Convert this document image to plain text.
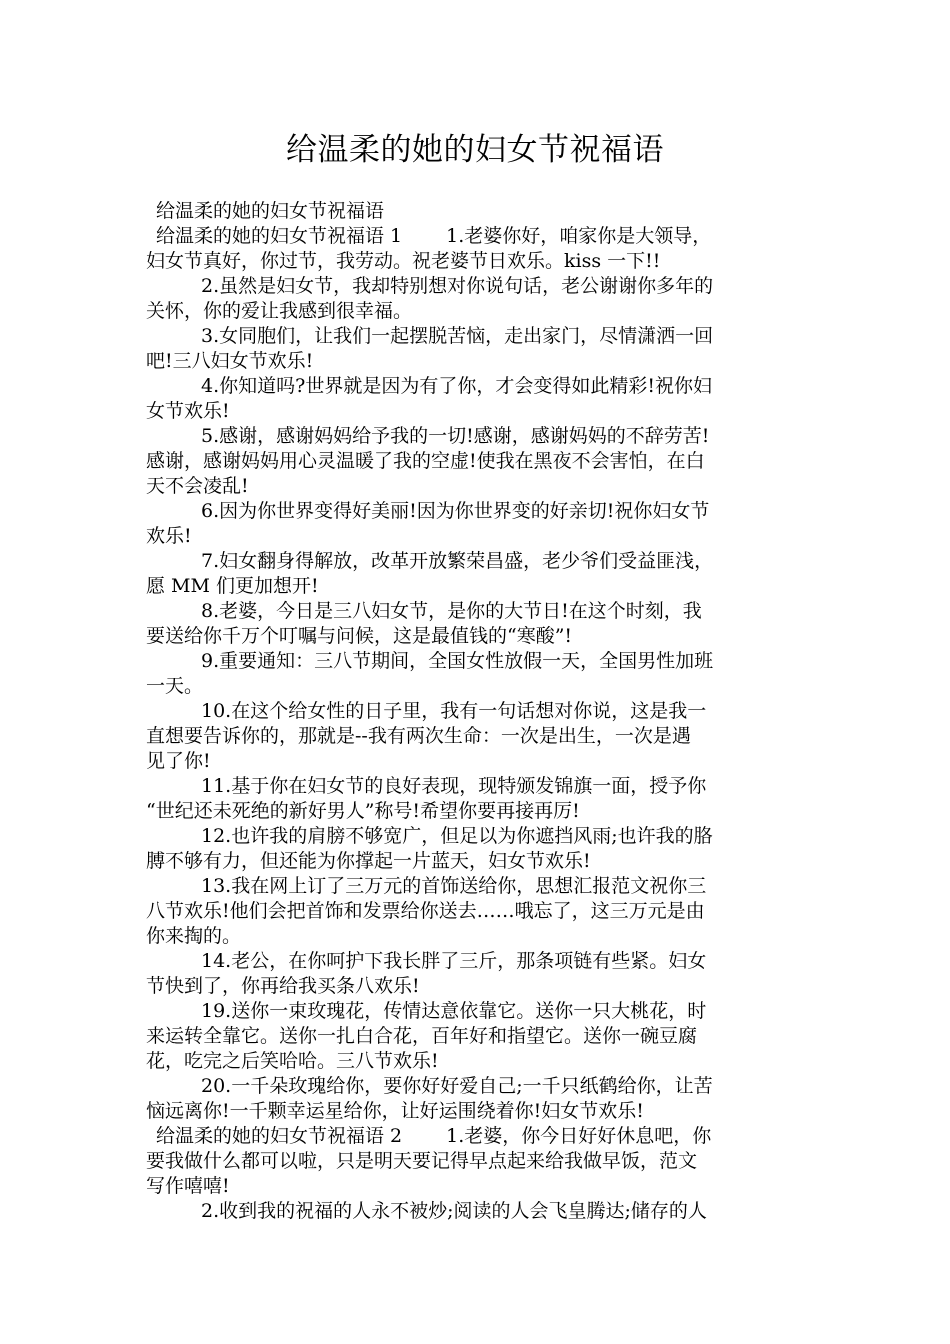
给温柔的她的妇女节祝福语
给温柔的她的妇女节祝福语
给温柔的她的妇女节祝福语 1　　 1.老婆你好，咱家你是大领导，
妇女节真好，你过节，我劳动。祝老婆节日欢乐。kiss 一下!!
2.虽然是妇女节，我却特别想对你说句话，老公谢谢你多年的
关怀，你的爱让我感到很幸福。
3.女同胞们，让我们一起摆脱苦恼，走出家门，尽情潇洒一回
吧!三八妇女节欢乐!
4.你知道吗?世界就是因为有了你，才会变得如此精彩!祝你妇
女节欢乐!
5.感谢，感谢妈妈给予我的一切!感谢，感谢妈妈的不辞劳苦!
感谢，感谢妈妈用心灵温暖了我的空虚!使我在黑夜不会害怕，在白
天不会凌乱!
6.因为你世界变得好美丽!因为你世界变的好亲切!祝你妇女节
欢乐!
7.妇女翻身得解放，改革开放繁荣昌盛，老少爷们受益匪浅，
愿 MM 们更加想开!
8.老婆，今日是三八妇女节，是你的大节日!在这个时刻，我
要送给你千万个叮嘱与问候，这是最值钱的“寒酸”!
9.重要通知：三八节期间，全国女性放假一天，全国男性加班
一天。
10.在这个给女性的日子里，我有一句话想对你说，这是我一
直想要告诉你的，那就是--我有两次生命：一次是出生，一次是遇
见了你!
11.基于你在妇女节的良好表现，现特颁发锦旗一面，授予你
“世纪还未死绝的新好男人”称号!希望你要再接再厉!
12.也许我的肩膀不够宽广，但足以为你遮挡风雨;也许我的胳
膊不够有力，但还能为你撑起一片蓝天，妇女节欢乐!
13.我在网上订了三万元的首饰送给你，思想汇报范文祝你三
八节欢乐!他们会把首饰和发票给你送去……哦忘了，这三万元是由
你来掏的。
14.老公，在你呵护下我长胖了三斤，那条项链有些紧。妇女
节快到了，你再给我买条八欢乐!
19.送你一束玫瑰花，传情达意依靠它。送你一只大桃花，时
来运转全靠它。送你一扎白合花，百年好和指望它。送你一碗豆腐
花，吃完之后笑哈哈。三八节欢乐!
20.一千朵玫瑰给你，要你好好爱自己;一千只纸鹤给你，让苦
恼远离你!一千颗幸运星给你，让好运围绕着你!妇女节欢乐!
给温柔的她的妇女节祝福语 2　　 1.老婆，你今日好好休息吧，你
要我做什么都可以啦，只是明天要记得早点起来给我做早饭，范文
写作嘻嘻!
2.收到我的祝福的人永不被炒;阅读的人会飞皇腾达;储存的人
